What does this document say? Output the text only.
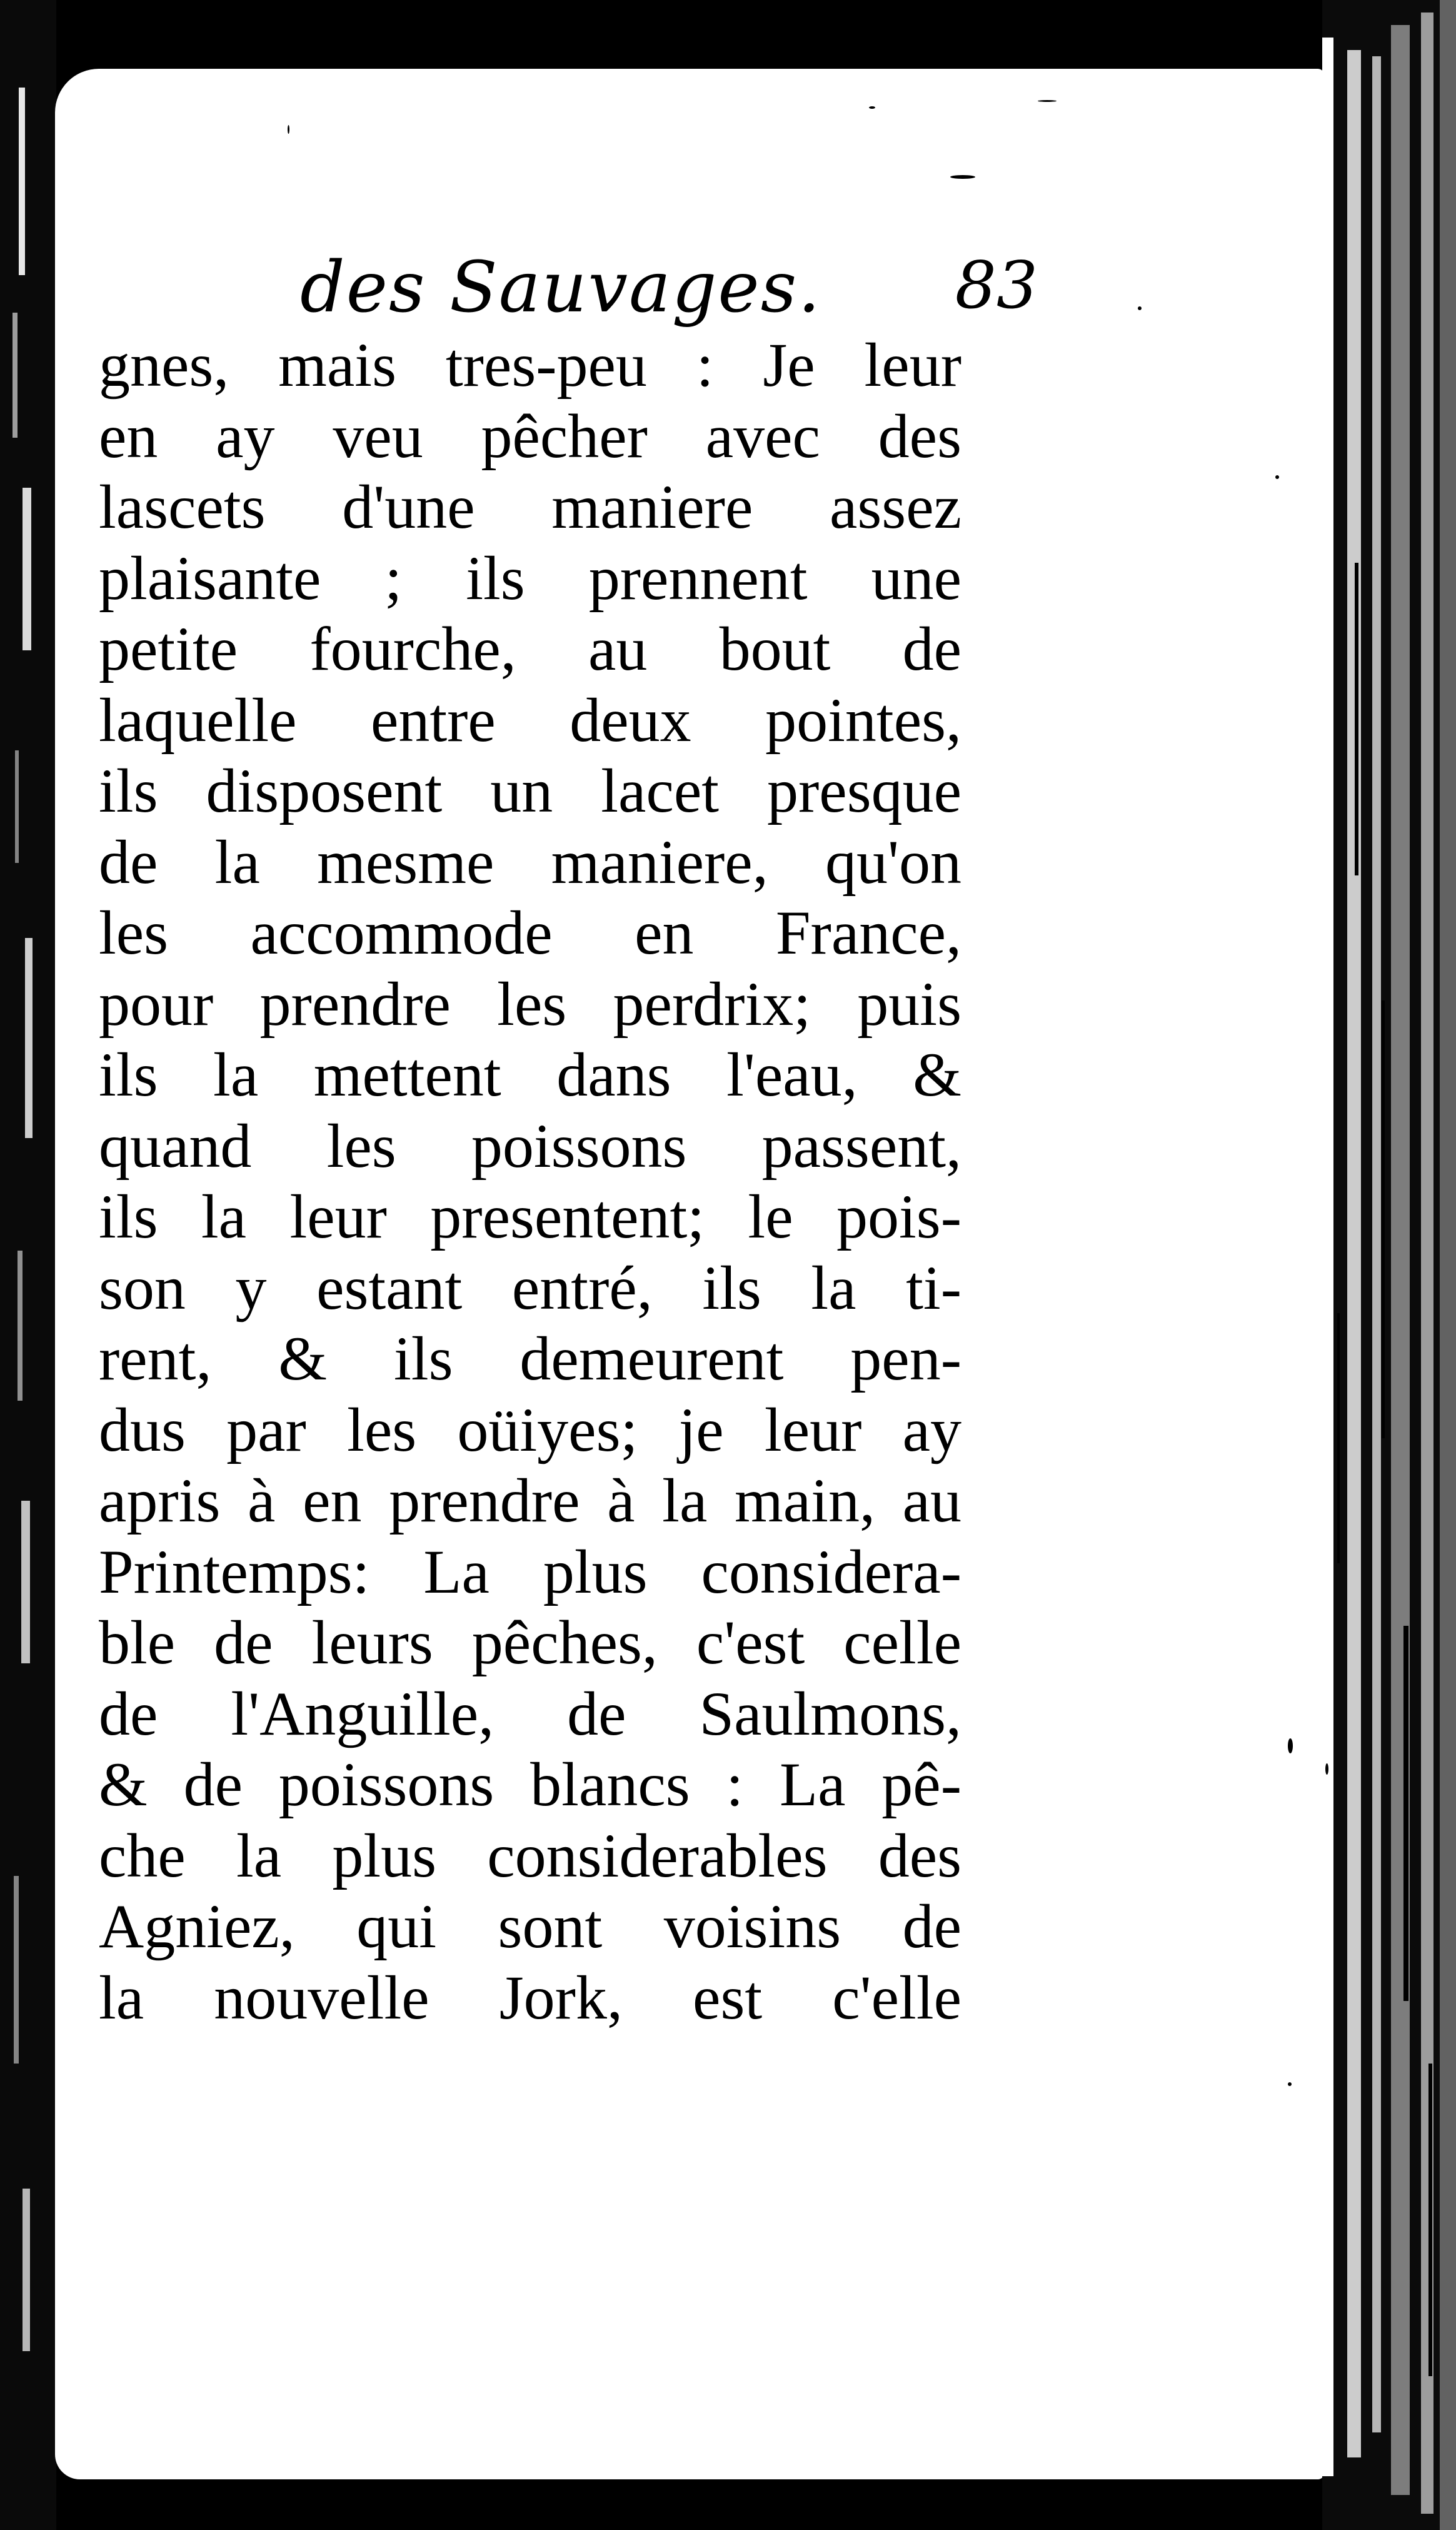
des Sauvages. 83
gnes, mais tres-peu : Je leur
en ay veu pêcher avec des
lascets d'une maniere assez
plaisante ; ils prennent une
petite fourche, au bout de
laquelle entre deux pointes,
ils disposent un lacet presque
de la mesme maniere, qu'on
les accommode en France,
pour prendre les perdrix; puis
ils la mettent dans l'eau, &
quand les poissons passent,
ils la leur presentent; le pois-
son y estant entré, ils la ti-
rent, & ils demeurent pen-
dus par les oüiyes; je leur ay
apris à en prendre à la main, au
Printemps: La plus considera-
ble de leurs pêches, c'est celle
de l'Anguille, de Saulmons,
& de poissons blancs : La pê-
che la plus considerables des
Agniez, qui sont voisins de
la nouvelle Jork, est c'elle
